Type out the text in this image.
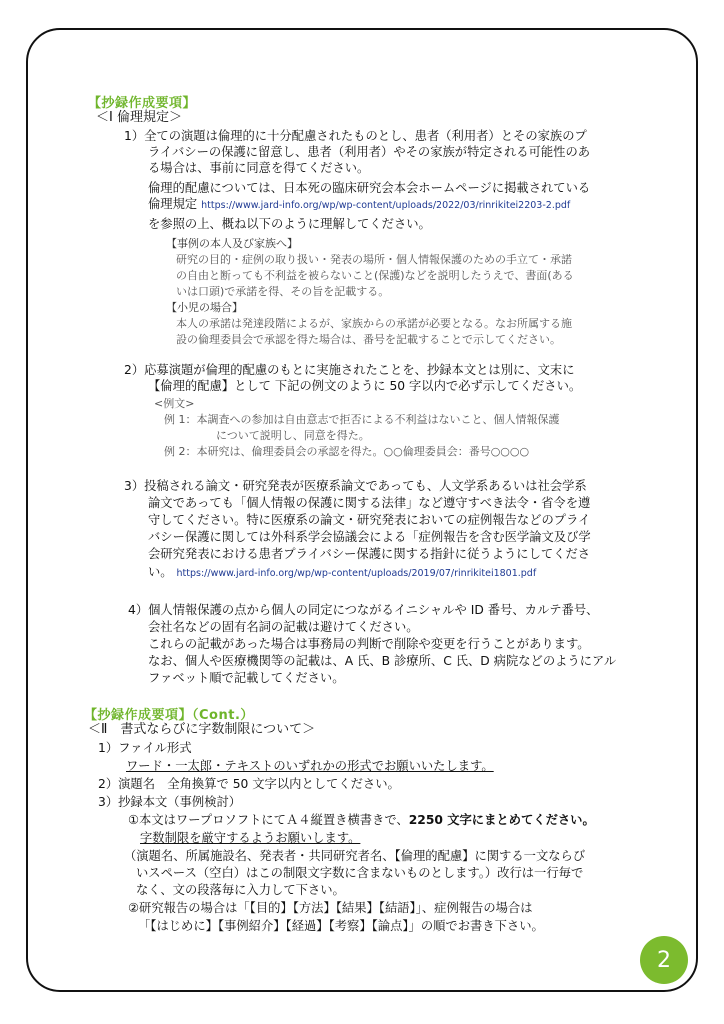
【抄録作成要項】
＜Ⅰ 倫理規定＞
1）全ての演題は倫理的に十分配慮されたものとし、患者（利用者）とその家族のプ
ライバシーの保護に留意し、患者（利用者）やその家族が特定される可能性のあ
る場合は、事前に同意を得てください。
倫理的配慮については、日本死の臨床研究会本会ホームページに掲載されている
倫理規定 https://www.jard-info.org/wp/wp-content/uploads/2022/03/rinrikitei2203-2.pdf
を参照の上、概ね以下のように理解してください。
【事例の本人及び家族へ】
研究の目的・症例の取り扱い・発表の場所・個人情報保護のための手立て・承諾
の自由と断っても不利益を被らないこと(保護)などを説明したうえで、書面(ある
いは口頭)で承諾を得、その旨を記載する。
【小児の場合】
本人の承諾は発達段階によるが、家族からの承諾が必要となる。なお所属する施
設の倫理委員会で承認を得た場合は、番号を記載することで示してください。
2）応募演題が倫理的配慮のもとに実施されたことを、抄録本文とは別に、文末に
【倫理的配慮】として 下記の例文のように 50 字以内で必ず示してください。
<例文>
例 1：本調査への参加は自由意志で拒否による不利益はないこと、個人情報保護
について説明し、同意を得た。
例 2：本研究は、倫理委員会の承認を得た。○○倫理委員会：番号○○○○
3）投稿される論文・研究発表が医療系論文であっても、人文学系あるいは社会学系
論文であっても「個人情報の保護に関する法律」など遵守すべき法令・省令を遵
守してください。特に医療系の論文・研究発表においての症例報告などのプライ
バシー保護に関しては外科系学会協議会による「症例報告を含む医学論文及び学
会研究発表における患者プライバシー保護に関する指針に従うようにしてくださ
い。 https://www.jard-info.org/wp/wp-content/uploads/2019/07/rinrikitei1801.pdf
4）個人情報保護の点から個人の同定につながるイニシャルや ID 番号、カルテ番号、
会社名などの固有名詞の記載は避けてください。
これらの記載があった場合は事務局の判断で削除や変更を行うことがあります。
なお、個人や医療機関等の記載は、A 氏、B 診療所、C 氏、D 病院などのようにアル
ファベット順で記載してください。
【抄録作成要項】（Cont.）
＜Ⅱ　書式ならびに字数制限について＞
1）ファイル形式
ワード・一太郎・テキストのいずれかの形式でお願いいたします。
2）演題名　全角換算で 50 文字以内としてください。
3）抄録本文（事例検討）
①本文はワープロソフトにてＡ４縦置き横書きで、2250 文字にまとめてください。
字数制限を厳守するようお願いします。
（演題名、所属施設名、発表者・共同研究者名、【倫理的配慮】に関する一文ならび
いスペース（空白）はこの制限文字数に含まないものとします。）改行は一行毎で
なく、文の段落毎に入力して下さい。
②研究報告の場合は「【目的】【方法】【結果】【結語】」、症例報告の場合は
「【はじめに】【事例紹介】【経過】【考察】【論点】」の順でお書き下さい。
2
